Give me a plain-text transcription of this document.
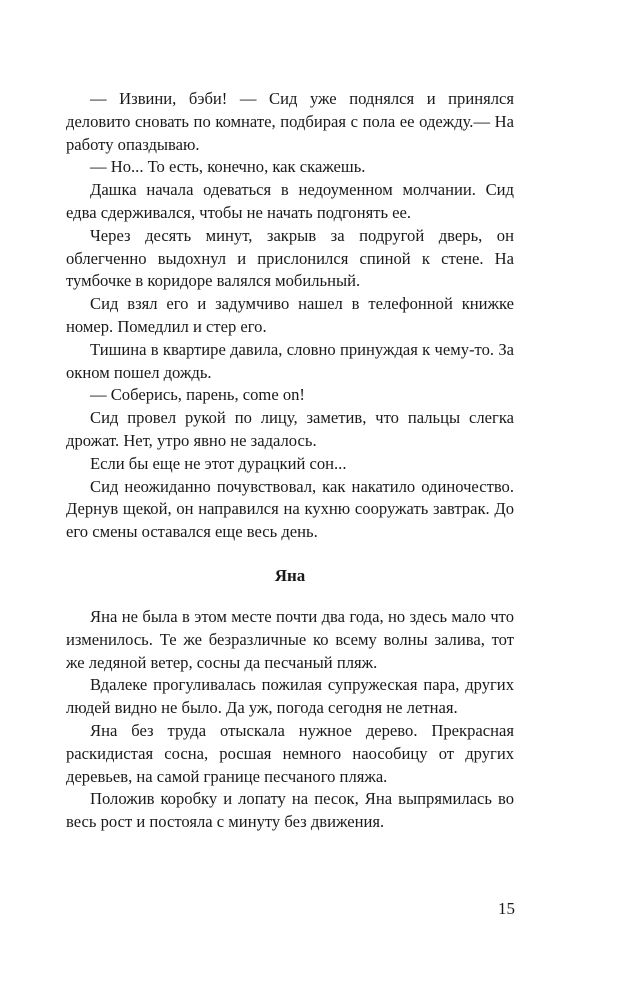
— Извини, бэби! — Сид уже поднялся и принялся деловито сновать по комнате, подбирая с пола ее одежду.— На работу опаздываю.

— Но... То есть, конечно, как скажешь.

Дашка начала одеваться в недоуменном молчании. Сид едва сдерживался, чтобы не начать подгонять ее.

Через десять минут, закрыв за подругой дверь, он облегченно выдохнул и прислонился спиной к стене. На тумбочке в коридоре валялся мобильный.

Сид взял его и задумчиво нашел в телефонной книжке номер. Помедлил и стер его.

Тишина в квартире давила, словно принуждая к чему-то. За окном пошел дождь.

— Соберись, парень, come on!

Сид провел рукой по лицу, заметив, что пальцы слегка дрожат. Нет, утро явно не задалось.

Если бы еще не этот дурацкий сон...

Сид неожиданно почувствовал, как накатило одиночество. Дернув щекой, он направился на кухню сооружать завтрак. До его смены оставался еще весь день.

Яна

Яна не была в этом месте почти два года, но здесь мало что изменилось. Те же безразличные ко всему волны залива, тот же ледяной ветер, сосны да песчаный пляж.

Вдалеке прогуливалась пожилая супружеская пара, других людей видно не было. Да уж, погода сегодня не летная.

Яна без труда отыскала нужное дерево. Прекрасная раскидистая сосна, росшая немного наособицу от других деревьев, на самой границе песчаного пляжа.

Положив коробку и лопату на песок, Яна выпрямилась во весь рост и постояла с минуту без движения.

15
